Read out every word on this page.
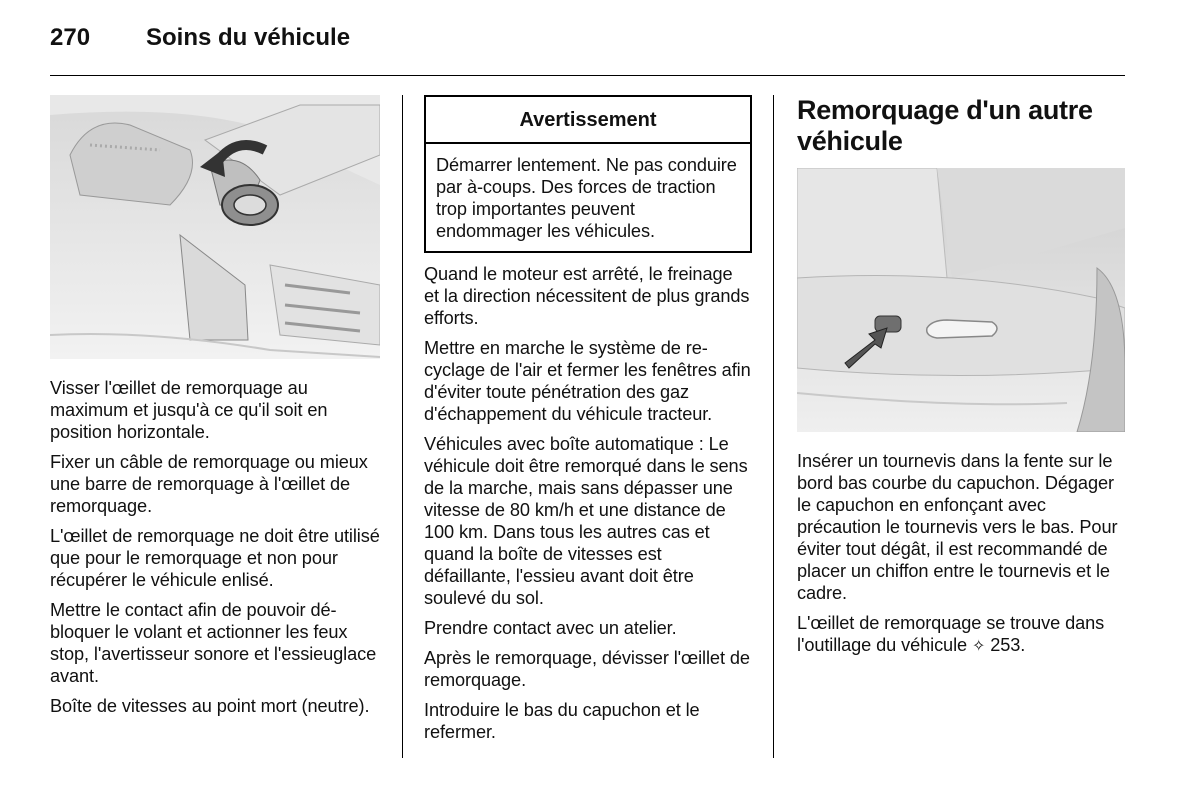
270 Soins du véhicule

Visser l'œillet de remorquage au maximum et jusqu'à ce qu'il soit en position horizontale.

Fixer un câble de remorquage ou mieux une barre de remorquage à l'œillet de remorquage.

L'œillet de remorquage ne doit être utilisé que pour le remorquage et non pour récupérer le véhicule enlisé.

Mettre le contact afin de pouvoir débloquer le volant et actionner les feux stop, l'avertisseur sonore et l'essieuglace avant.

Boîte de vitesses au point mort (neutre).

Avertissement
Démarrer lentement. Ne pas conduire par à-coups. Des forces de traction trop importantes peuvent endommager les véhicules.

Quand le moteur est arrêté, le freinage et la direction nécessitent de plus grands efforts.

Mettre en marche le système de recyclage de l'air et fermer les fenêtres afin d'éviter toute pénétration des gaz d'échappement du véhicule tracteur.

Véhicules avec boîte automatique : Le véhicule doit être remorqué dans le sens de la marche, mais sans dépasser une vitesse de 80 km/h et une distance de 100 km. Dans tous les autres cas et quand la boîte de vitesses est défaillante, l'essieu avant doit être soulevé du sol.

Prendre contact avec un atelier.

Après le remorquage, dévisser l'œillet de remorquage.

Introduire le bas du capuchon et le refermer.

Remorquage d'un autre véhicule

Insérer un tournevis dans la fente sur le bord bas courbe du capuchon. Dégager le capuchon en enfonçant avec précaution le tournevis vers le bas. Pour éviter tout dégât, il est recommandé de placer un chiffon entre le tournevis et le cadre.

L'œillet de remorquage se trouve dans l'outillage du véhicule ✧ 253.
